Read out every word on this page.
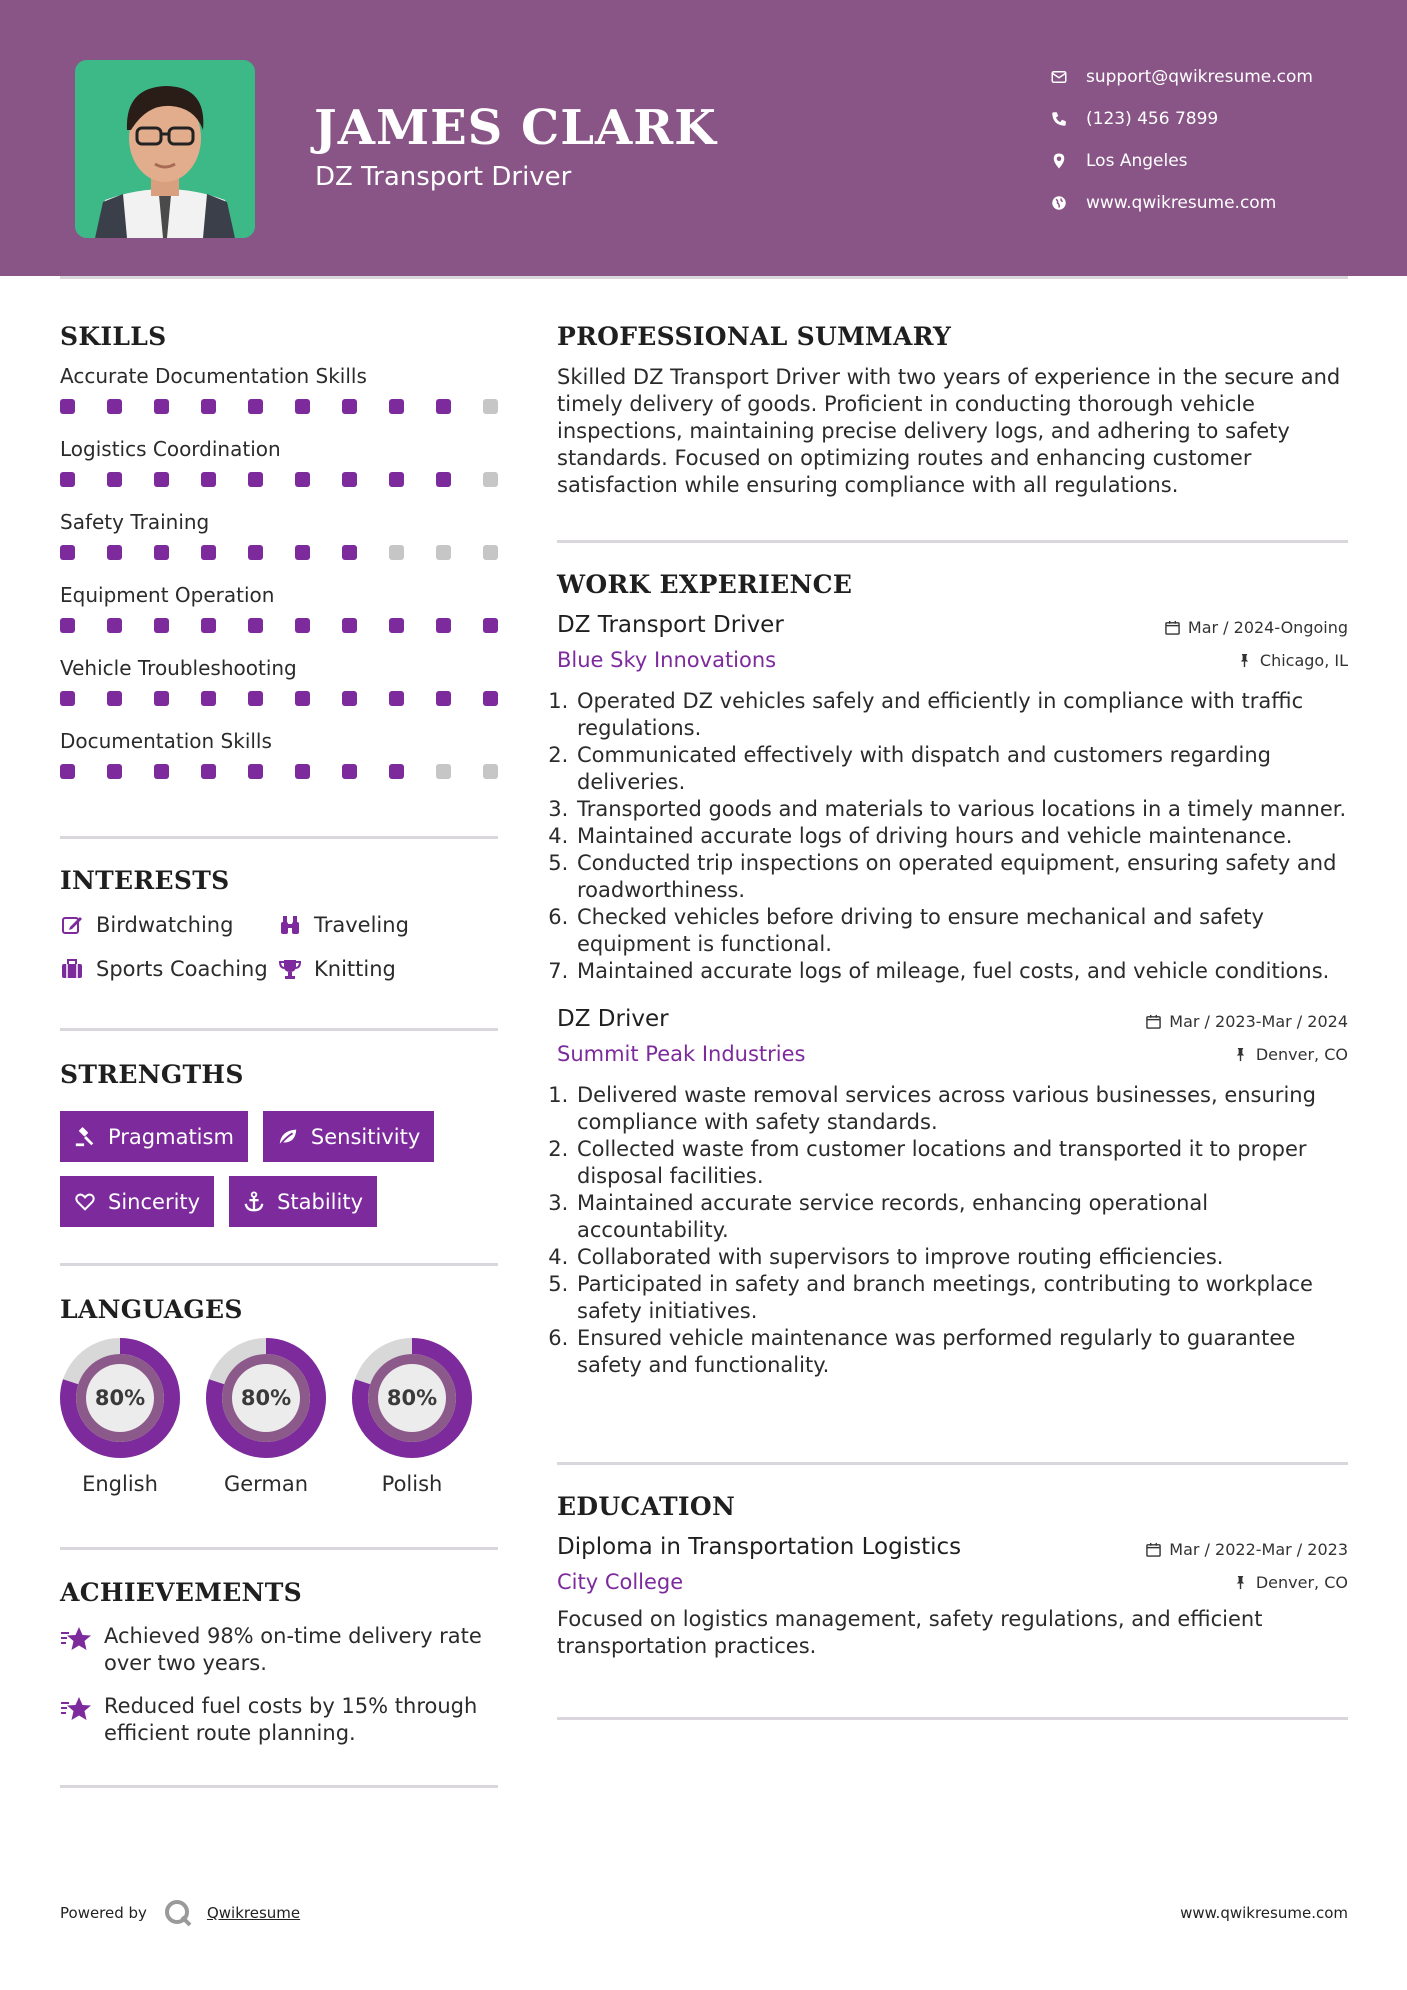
JAMES CLARK
DZ Transport Driver
support@qwikresume.com
(123) 456 7899
Los Angeles
www.qwikresume.com
SKILLS
Accurate Documentation Skills
Logistics Coordination
Safety Training
Equipment Operation
Vehicle Troubleshooting
Documentation Skills
INTERESTS
Birdwatching	Traveling
Sports Coaching Knitting
STRENGTHS
Pragmatism	Sensitivity
Sincerity	Stability
LANGUAGES
80%
English
80%
German
80%
Polish
ACHIEVEMENTS
Achieved 98% on-time delivery rate over two years.
Reduced fuel costs by 15% through efficient route planning.
PROFESSIONAL SUMMARY
Skilled DZ Transport Driver with two years of experience in the secure and timely delivery of goods. Proficient in conducting thorough vehicle inspections, maintaining precise delivery logs, and adhering to safety standards. Focused on optimizing routes and enhancing customer satisfaction while ensuring compliance with all regulations.
WORK EXPERIENCE
DZ Transport Driver	Mar / 2024-Ongoing
Blue Sky Innovations	Chicago, IL
1. Operated DZ vehicles safely and efficiently in compliance with traffic regulations.
2. Communicated effectively with dispatch and customers regarding deliveries.
3. Transported goods and materials to various locations in a timely manner.
4. Maintained accurate logs of driving hours and vehicle maintenance.
5. Conducted trip inspections on operated equipment, ensuring safety and roadworthiness.
6. Checked vehicles before driving to ensure mechanical and safety equipment is functional.
7. Maintained accurate logs of mileage, fuel costs, and vehicle conditions.
DZ Driver	Mar / 2023-Mar / 2024
Summit Peak Industries	Denver, CO
1. Delivered waste removal services across various businesses, ensuring compliance with safety standards.
2. Collected waste from customer locations and transported it to proper disposal facilities.
3. Maintained accurate service records, enhancing operational accountability.
4. Collaborated with supervisors to improve routing efficiencies.
5. Participated in safety and branch meetings, contributing to workplace safety initiatives.
6. Ensured vehicle maintenance was performed regularly to guarantee safety and functionality.
EDUCATION
Diploma in Transportation Logistics	Mar / 2022-Mar / 2023
City College	Denver, CO
Focused on logistics management, safety regulations, and efficient transportation practices.
Powered by	Qwikresume	www.qwikresume.com
